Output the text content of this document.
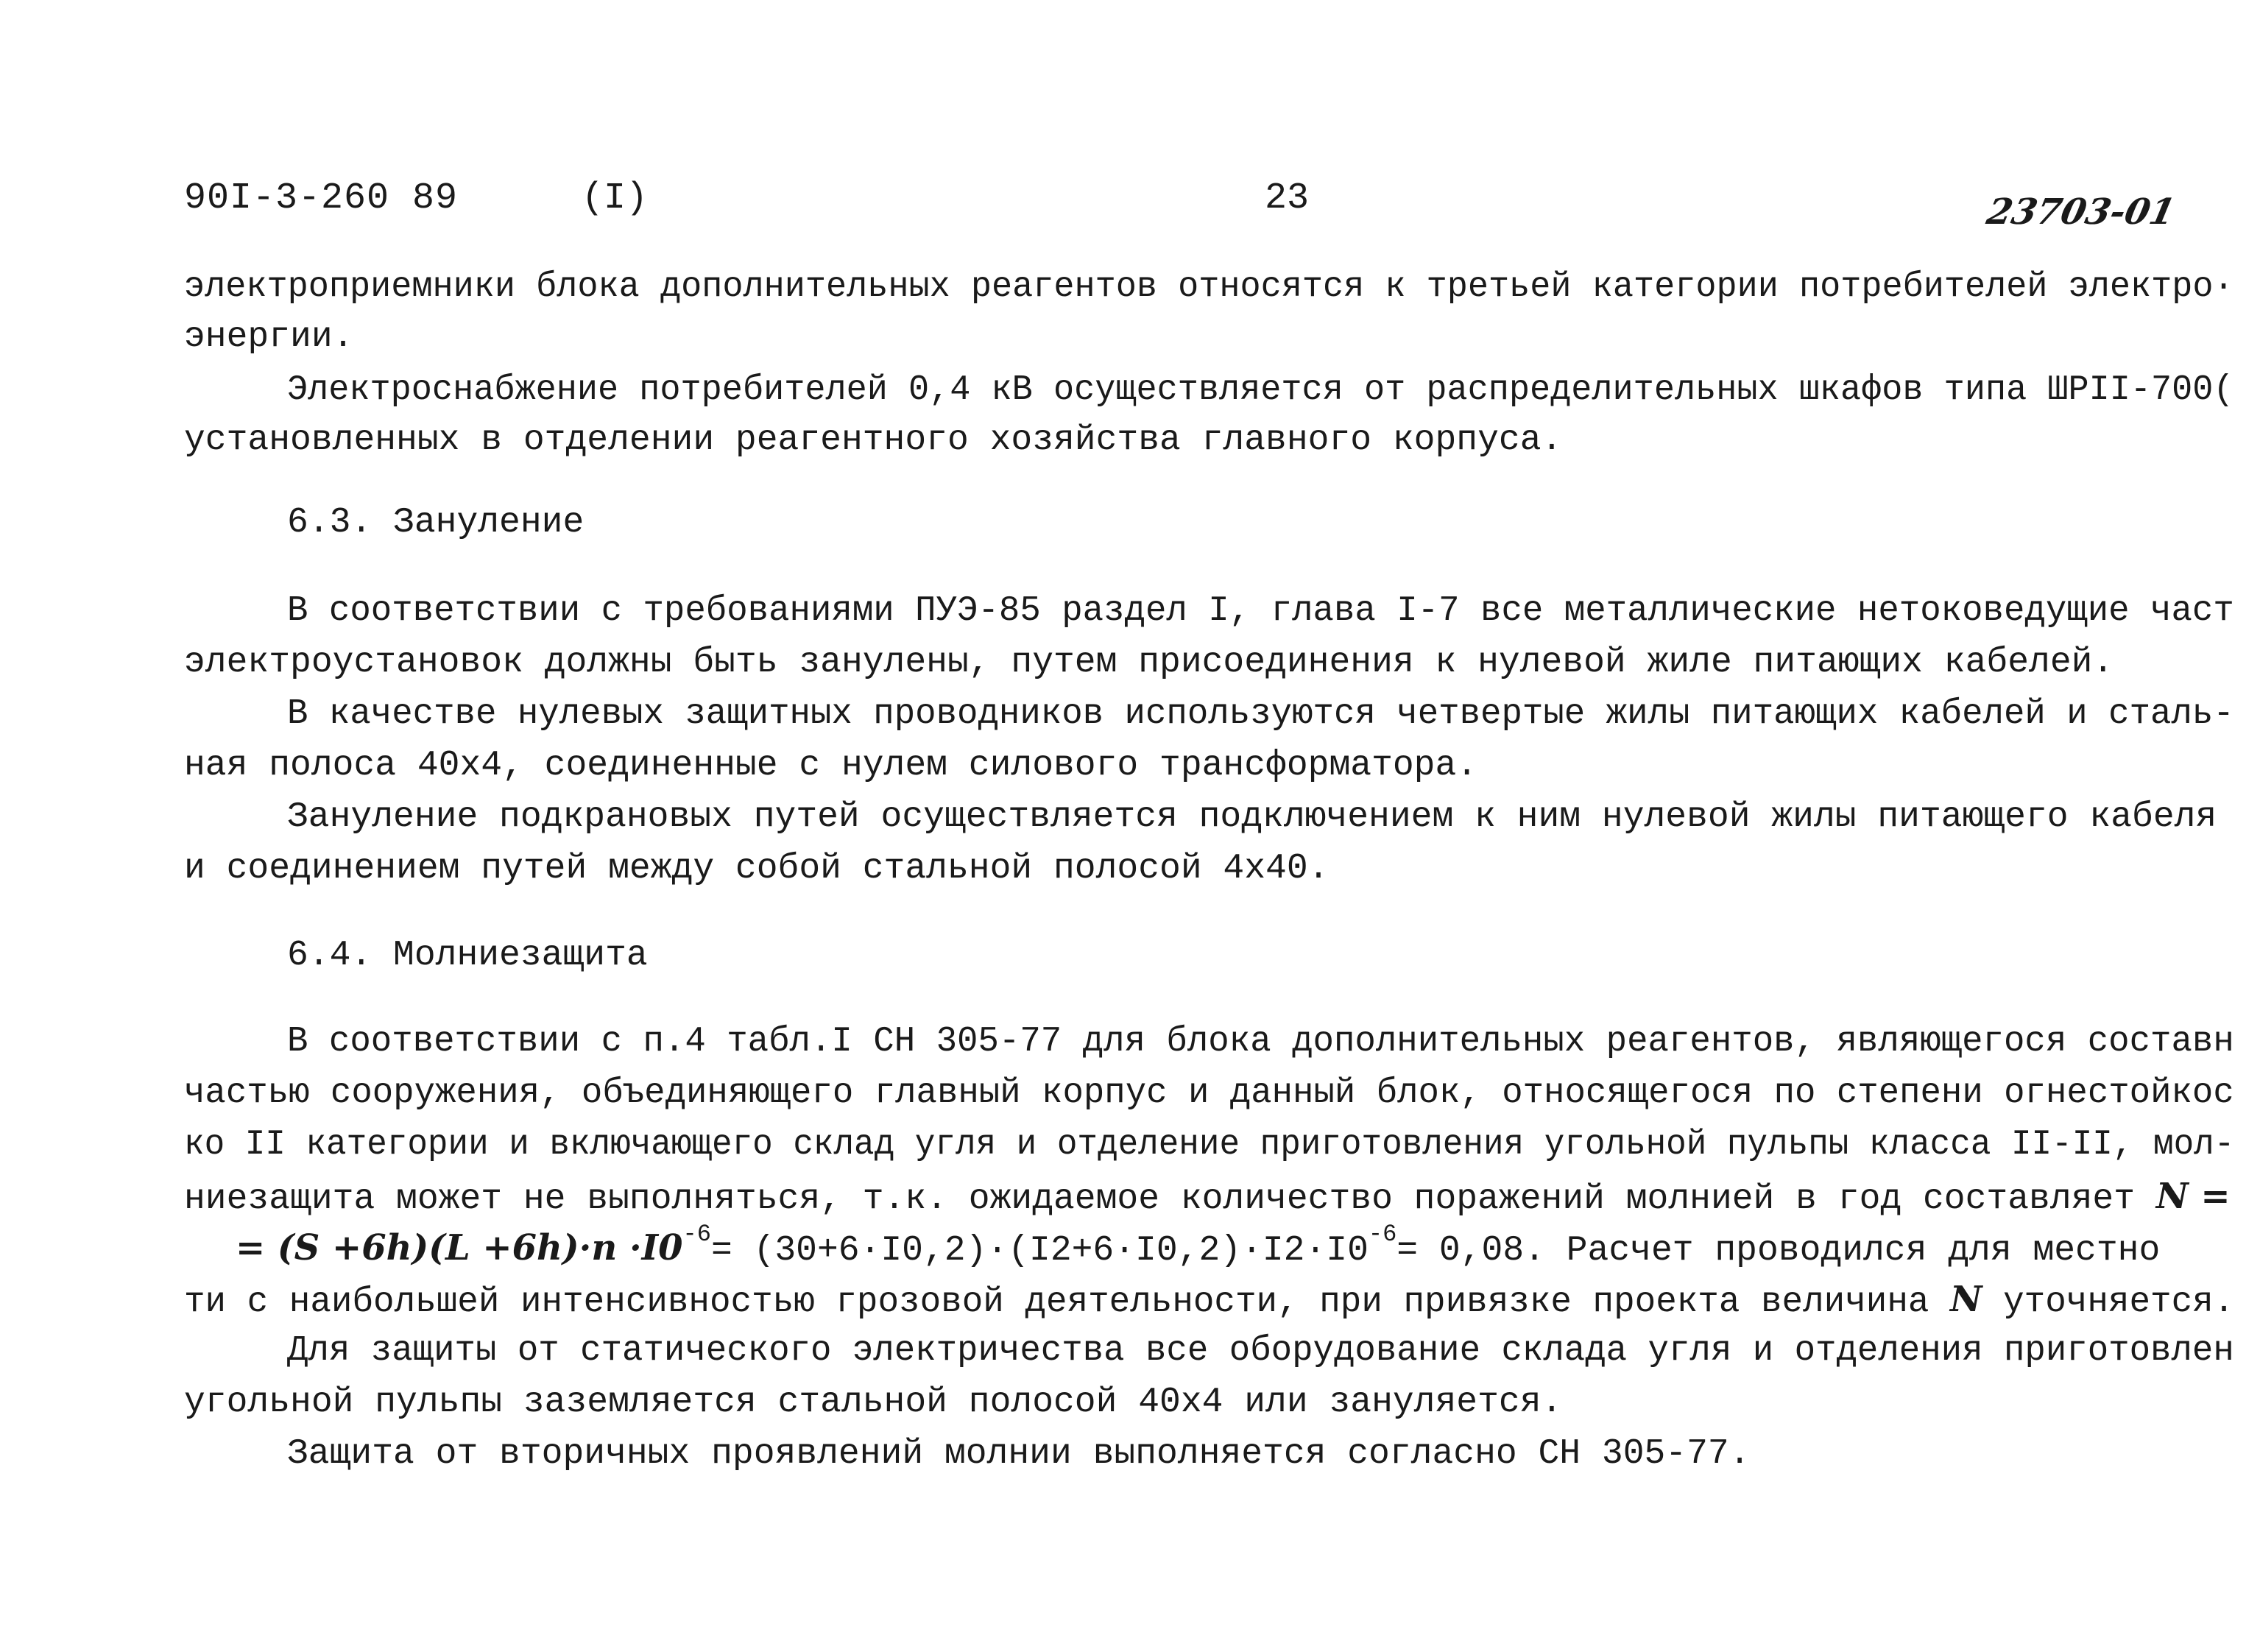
90I-3-260 89	(I)	23	23703-01
электроприемники блока дополнительных реагентов относятся к третьей категории потребителей электро·
энергии.
Электроснабжение потребителей 0,4 кВ осуществляется от распределительных шкафов типа ШРII-700(
установленных в отделении реагентного хозяйства главного корпуса.
6.3. Зануление
В соответствии с требованиями ПУЭ-85 раздел I, глава I-7 все металлические нетоковедущие част
электроустановок должны быть занулены, путем присоединения к нулевой жиле питающих кабелей.
В качестве нулевых защитных проводников используются четвертые жилы питающих кабелей и сталь-
ная полоса 40x4, соединенные с нулем силового трансформатора.
Зануление подкрановых путей осуществляется подключением к ним нулевой жилы питающего кабеля
и соединением путей между собой стальной полосой 4x40.
6.4. Молниезащита
В соответствии с п.4 табл.I СН 305-77 для блока дополнительных реагентов, являющегося составн
частью сооружения, объединяющего главный корпус и данный блок, относящегося по степени огнестойкос
ко II категории и включающего склад угля и отделение приготовления угольной пульпы класса II-II, мол-
ниезащита может не выполняться, т.к. ожидаемое количество поражений молнией в год составляет N =
= $(S +6h)(L +6h)\cdot n \cdot I0^{-6}= (30+6\cdot I0,2)\cdot(I2+6\cdot I0,2)\cdot I2\cdot I0^{-6}= 0,08$. Расчет проводился для местно
ти с наибольшей интенсивностью грозовой деятельности, при привязке проекта величина N уточняется.
Для защиты от статического электричества все оборудование склада угля и отделения приготовлен
угольной пульпы заземляется стальной полосой 40x4 или зануляется.
Защита от вторичных проявлений молнии выполняется согласно СН 305-77.
